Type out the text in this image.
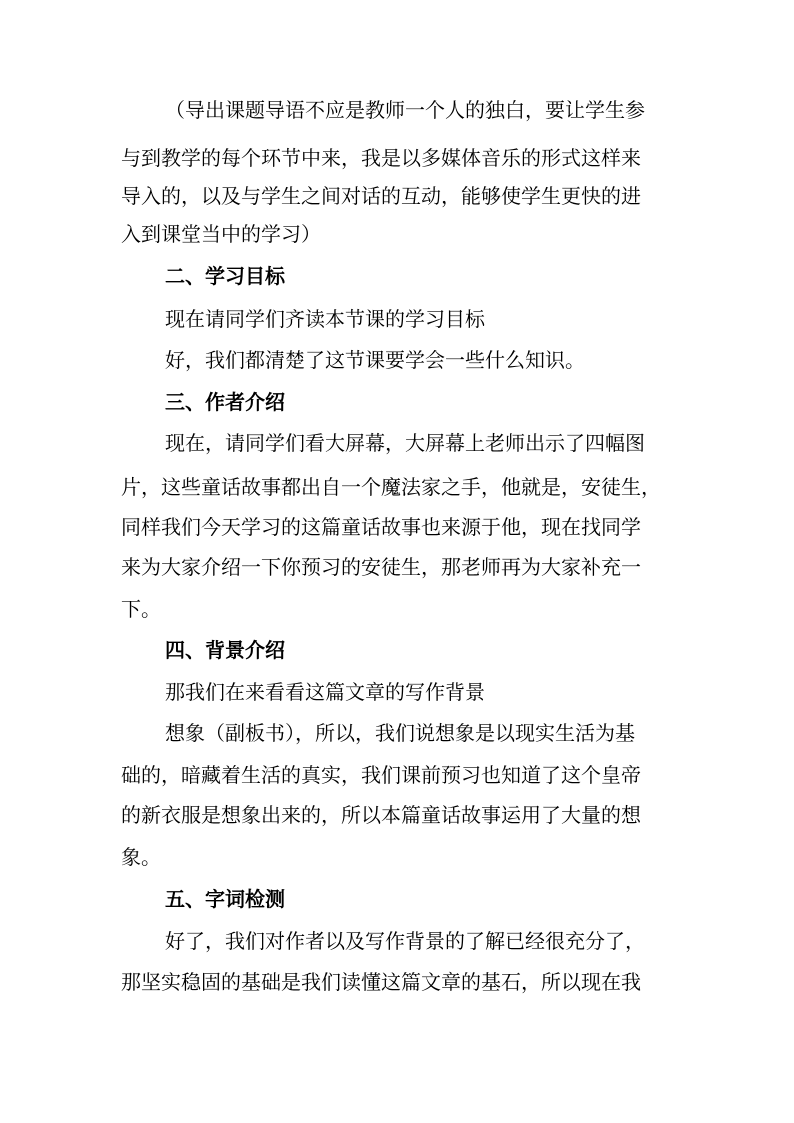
（导出课题导语不应是教师一个人的独白，要让学生参
与到教学的每个环节中来，我是以多媒体音乐的形式这样来
导入的，以及与学生之间对话的互动，能够使学生更快的进
入到课堂当中的学习）
二、学习目标
现在请同学们齐读本节课的学习目标
好，我们都清楚了这节课要学会一些什么知识。
三、作者介绍
现在，请同学们看大屏幕，大屏幕上老师出示了四幅图
片，这些童话故事都出自一个魔法家之手，他就是，安徒生，
同样我们今天学习的这篇童话故事也来源于他，现在找同学
来为大家介绍一下你预习的安徒生，那老师再为大家补充一
下。
四、背景介绍
那我们在来看看这篇文章的写作背景
想象（副板书），所以，我们说想象是以现实生活为基
础的，暗藏着生活的真实，我们课前预习也知道了这个皇帝
的新衣服是想象出来的，所以本篇童话故事运用了大量的想
象。
五、字词检测
好了，我们对作者以及写作背景的了解已经很充分了，
那坚实稳固的基础是我们读懂这篇文章的基石，所以现在我
